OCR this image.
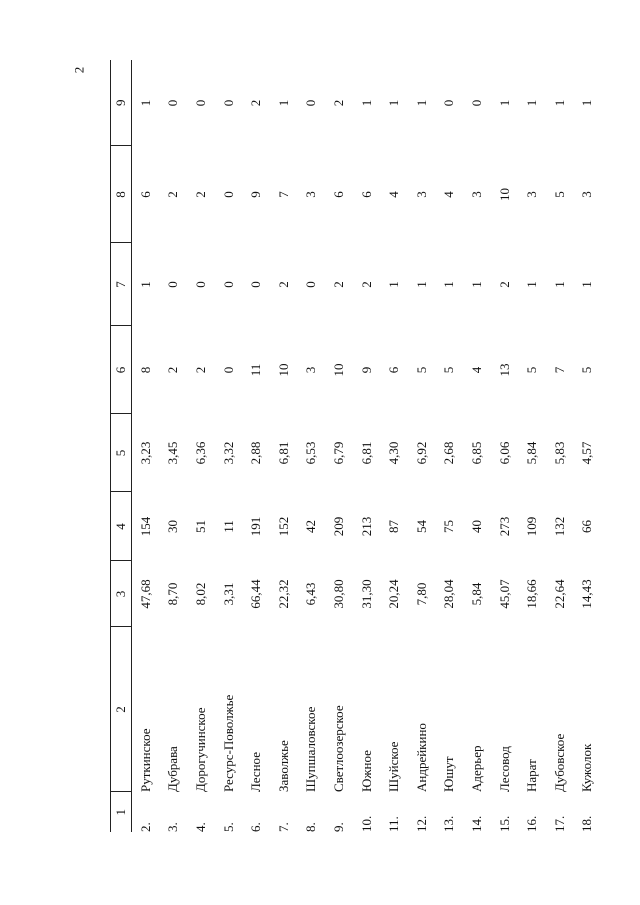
2
1	2	3	4	5	6	7	8	9
2.	Руткинское	47,68	154	3,23	8	1	6	1
3.	Дубрава	8,70	30	3,45	2	0	2	0
4.	Дорогучинское	8,02	51	6,36	2	0	2	0
5.	Ресурс-Поволжье	3,31	11	3,32	0	0	0	0
6.	Лесное	66,44	191	2,88	11	0	9	2
7.	Заволжье	22,32	152	6,81	10	2	7	1
8.	Шупшаловское	6,43	42	6,53	3	0	3	0
9.	Светлоозерское	30,80	209	6,79	10	2	6	2
10.	Южное	31,30	213	6,81	9	2	6	1
11.	Шуйское	20,24	87	4,30	6	1	4	1
12.	Андрейкино	7,80	54	6,92	5	1	3	1
13.	Юшут	28,04	75	2,68	5	1	4	0
14.	Адерьер	5,84	40	6,85	4	1	3	0
15.	Лесовод	45,07	273	6,06	13	2	10	1
16.	Нарат	18,66	109	5,84	5	1	3	1
17.	Дубовское	22,64	132	5,83	7	1	5	1
18.	Кужолок	14,43	66	4,57	5	1	3	1
